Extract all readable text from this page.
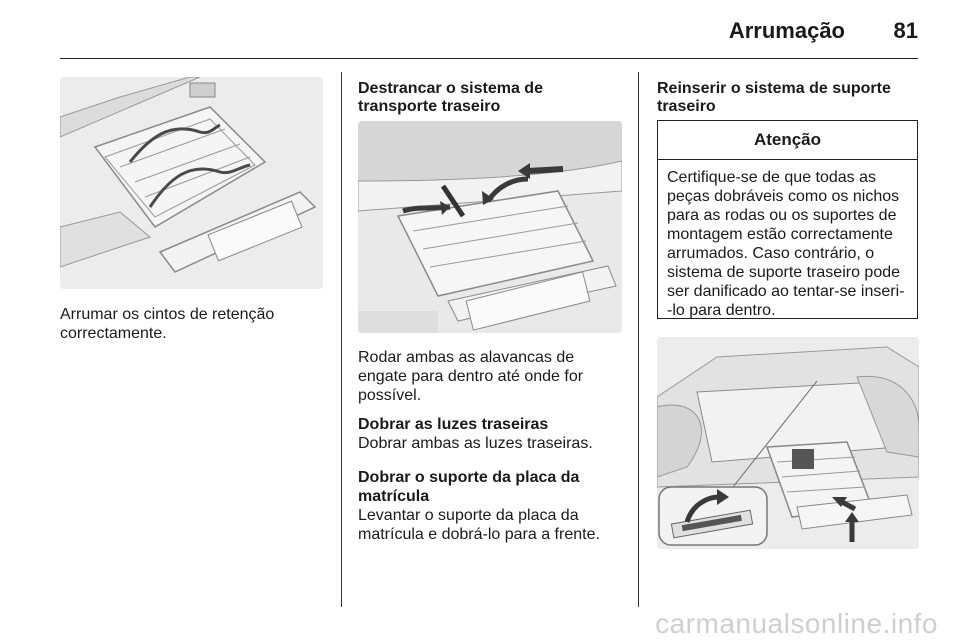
Arrumação 81
Arrumar os cintos de retenção correctamente.
Destrancar o sistema de transporte traseiro
Rodar ambas as alavancas de engate para dentro até onde for possível.
Dobrar as luzes traseiras
Dobrar ambas as luzes traseiras.
Dobrar o suporte da placa da matrícula
Levantar o suporte da placa da matrícula e dobrá-lo para a frente.
Reinserir o sistema de suporte traseiro
Atenção
Certifique-se de que todas as peças dobráveis como os nichos para as rodas ou os suportes de montagem estão correctamente arrumados. Caso contrário, o sistema de suporte traseiro pode ser danificado ao tentar-se inseri--lo para dentro.
carmanualsonline.info
